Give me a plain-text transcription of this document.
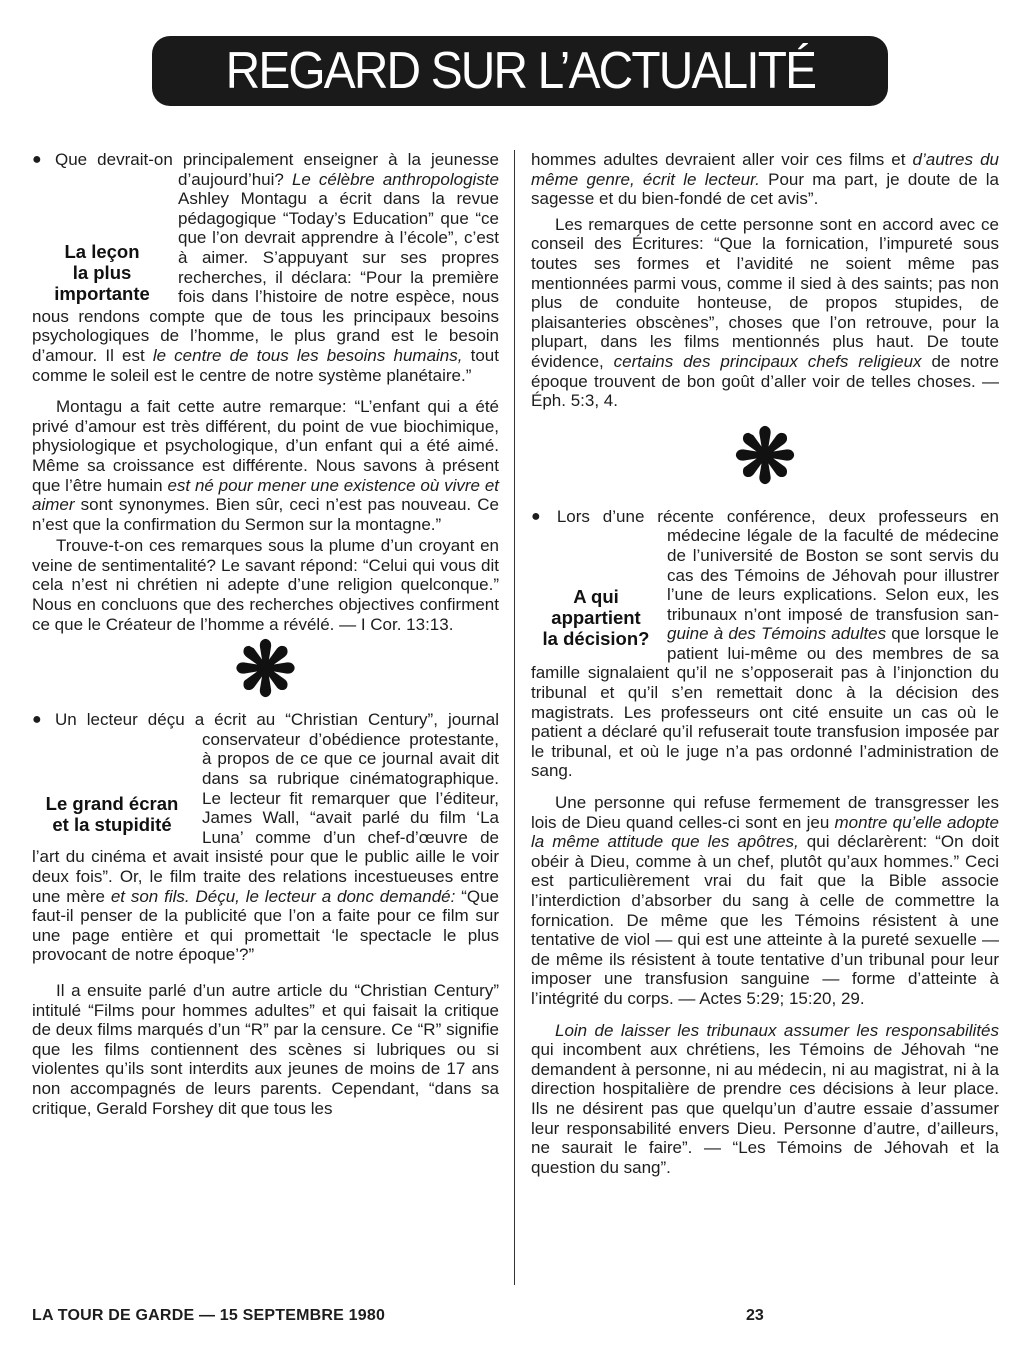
REGARD SUR L’ACTUALITÉ
La leçon
la plus
importante

● Que devrait-on principalement enseigner à la jeunesse d’aujourd’hui? Le célèbre anthropologiste Ashley Montagu a écrit dans la revue pédagogique “Today’s Education” que “ce que l’on devrait apprendre à l’école”, c’est à aimer. S’appuyant sur ses propres recherches, il déclara: “Pour la première fois dans l’histoire de notre espèce, nous nous rendons compte que de tous les principaux besoins psychologiques de l’homme, le plus grand est le besoin d’amour. Il est le centre de tous les besoins humains, tout comme le soleil est le centre de notre système planétaire.”

Montagu a fait cette autre remarque: “L’enfant qui a été privé d’amour est très différent, du point de vue biochimique, physiologique et psychologique, d’un enfant qui a été aimé. Même sa croissance est différente. Nous savons à présent que l’être humain est né pour mener une existence où vivre et aimer sont synonymes. Bien sûr, ceci n’est pas nouveau. Ce n’est que la confirmation du Sermon sur la montagne.”

Trouve-t-on ces remarques sous la plume d’un croyant en veine de sentimentalité? Le savant répond: “Celui qui vous dit cela n’est ni chrétien ni adepte d’une religion quelconque.” Nous en concluons que des recherches objectives confirment ce que le Créateur de l’homme a révélé. — I Cor. 13:13.

❋
Le grand écran
et la stupidité

● Un lecteur déçu a écrit au “Christian Century”, journal conservateur d’obédience protestante, à propos de ce que ce journal avait dit dans sa rubrique cinématographique. Le lecteur fit remarquer que l’éditeur, James Wall, “avait parlé du film ‘La Luna’ comme d’un chef-d’œuvre de l’art du cinéma et avait insisté pour que le public aille le voir deux fois”. Or, le film traite des relations incestueuses entre une mère et son fils. Déçu, le lecteur a donc demandé: “Que faut-il penser de la publicité que l’on a faite pour ce film sur une page entière et qui promettait ‘le spectacle le plus provocant de notre époque’?”

Il a ensuite parlé d’un autre article du “Christian Century” intitulé “Films pour hommes adultes” et qui faisait la critique de deux films marqués d’un “R” par la censure. Ce “R” signifie que les films contiennent des scènes si lubriques ou si violentes qu’ils sont interdits aux jeunes de moins de 17 ans non accompagnés de leurs parents. Cependant, “dans sa critique, Gerald Forshey dit que tous les

hommes adultes devraient aller voir ces films et d’autres du même genre, écrit le lecteur. Pour ma part, je doute de la sagesse et du bien-fondé de cet avis”.

Les remarques de cette personne sont en accord avec ce conseil des Écritures: “Que la fornication, l’impureté sous toutes ses formes et l’avidité ne soient même pas mentionnées parmi vous, comme il sied à des saints; pas non plus de conduite honteuse, de propos stupides, de plaisanteries obscènes”, choses que l’on retrouve, pour la plupart, dans les films mentionnés plus haut. De toute évidence, certains des principaux chefs religieux de notre époque trouvent de bon goût d’aller voir de telles choses. — Éph. 5:3, 4.

❋
A qui
appartient
la décision?

● Lors d’une récente conférence, deux professeurs en médecine légale de la faculté de médecine de l’université de Boston se sont servis du cas des Témoins de Jéhovah pour illustrer l’une de leurs explications. Selon eux, les tribunaux n’ont imposé de transfusion san- guine à des Témoins adultes que lorsque le patient lui-même ou des membres de sa famille signalaient qu’il ne s’opposerait pas à l’injonction du tribunal et qu’il s’en remettait donc à la décision des magistrats. Les professeurs ont cité ensuite un cas où le patient a déclaré qu’il refuserait toute transfusion imposée par le tribunal, et où le juge n’a pas ordonné l’administration de sang.

Une personne qui refuse fermement de transgresser les lois de Dieu quand celles-ci sont en jeu montre qu’elle adopte la même attitude que les apôtres, qui déclarèrent: “On doit obéir à Dieu, comme à un chef, plutôt qu’aux hommes.” Ceci est particulièrement vrai du fait que la Bible associe l’interdiction d’absorber du sang à celle de commettre la fornication. De même que les Témoins résistent à une tentative de viol — qui est une atteinte à la pureté sexuelle — de même ils résistent à toute tentative d’un tribunal pour leur imposer une transfusion sanguine — forme d’atteinte à l’intégrité du corps. — Actes 5:29; 15:20, 29.

Loin de laisser les tribunaux assumer les responsabilités qui incombent aux chrétiens, les Témoins de Jéhovah “ne demandent à personne, ni au médecin, ni au magistrat, ni à la direction hospitalière de prendre ces décisions à leur place. Ils ne désirent pas que quelqu’un d’autre essaie d’assumer leur responsabilité envers Dieu. Personne d’autre, d’ailleurs, ne saurait le faire”. — “Les Témoins de Jéhovah et la question du sang”.

LA TOUR DE GARDE — 15 SEPTEMBRE 1980	23
